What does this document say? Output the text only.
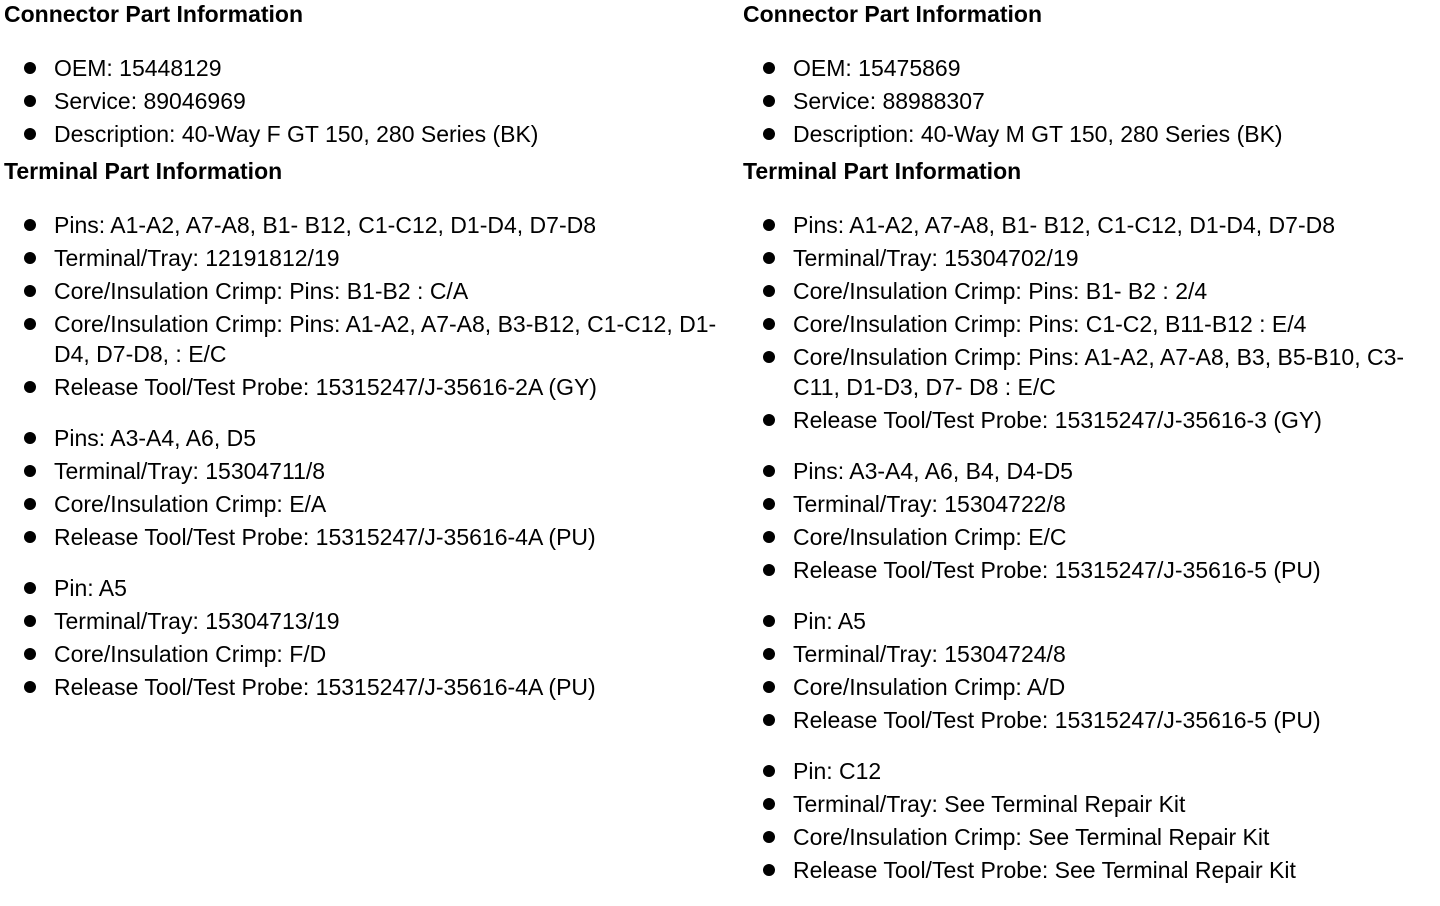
Connector Part Information
OEM: 15448129
Service: 89046969
Description: 40-Way F GT 150, 280 Series (BK)
Terminal Part Information
Pins: A1-A2, A7-A8, B1- B12, C1-C12, D1-D4, D7-D8
Terminal/Tray: 12191812/19
Core/Insulation Crimp: Pins: B1-B2 : C/A
Core/Insulation Crimp: Pins: A1-A2, A7-A8, B3-B12, C1-C12, D1-D4, D7-D8, : E/C
Release Tool/Test Probe: 15315247/J-35616-2A (GY)
Pins: A3-A4, A6, D5
Terminal/Tray: 15304711/8
Core/Insulation Crimp: E/A
Release Tool/Test Probe: 15315247/J-35616-4A (PU)
Pin: A5
Terminal/Tray: 15304713/19
Core/Insulation Crimp: F/D
Release Tool/Test Probe: 15315247/J-35616-4A (PU)
Connector Part Information
OEM: 15475869
Service: 88988307
Description: 40-Way M GT 150, 280 Series (BK)
Terminal Part Information
Pins: A1-A2, A7-A8, B1- B12, C1-C12, D1-D4, D7-D8
Terminal/Tray: 15304702/19
Core/Insulation Crimp: Pins: B1- B2 : 2/4
Core/Insulation Crimp: Pins: C1-C2, B11-B12 : E/4
Core/Insulation Crimp: Pins: A1-A2, A7-A8, B3, B5-B10, C3-C11, D1-D3, D7- D8 : E/C
Release Tool/Test Probe: 15315247/J-35616-3 (GY)
Pins: A3-A4, A6, B4, D4-D5
Terminal/Tray: 15304722/8
Core/Insulation Crimp: E/C
Release Tool/Test Probe: 15315247/J-35616-5 (PU)
Pin: A5
Terminal/Tray: 15304724/8
Core/Insulation Crimp: A/D
Release Tool/Test Probe: 15315247/J-35616-5 (PU)
Pin: C12
Terminal/Tray: See Terminal Repair Kit
Core/Insulation Crimp: See Terminal Repair Kit
Release Tool/Test Probe: See Terminal Repair Kit
